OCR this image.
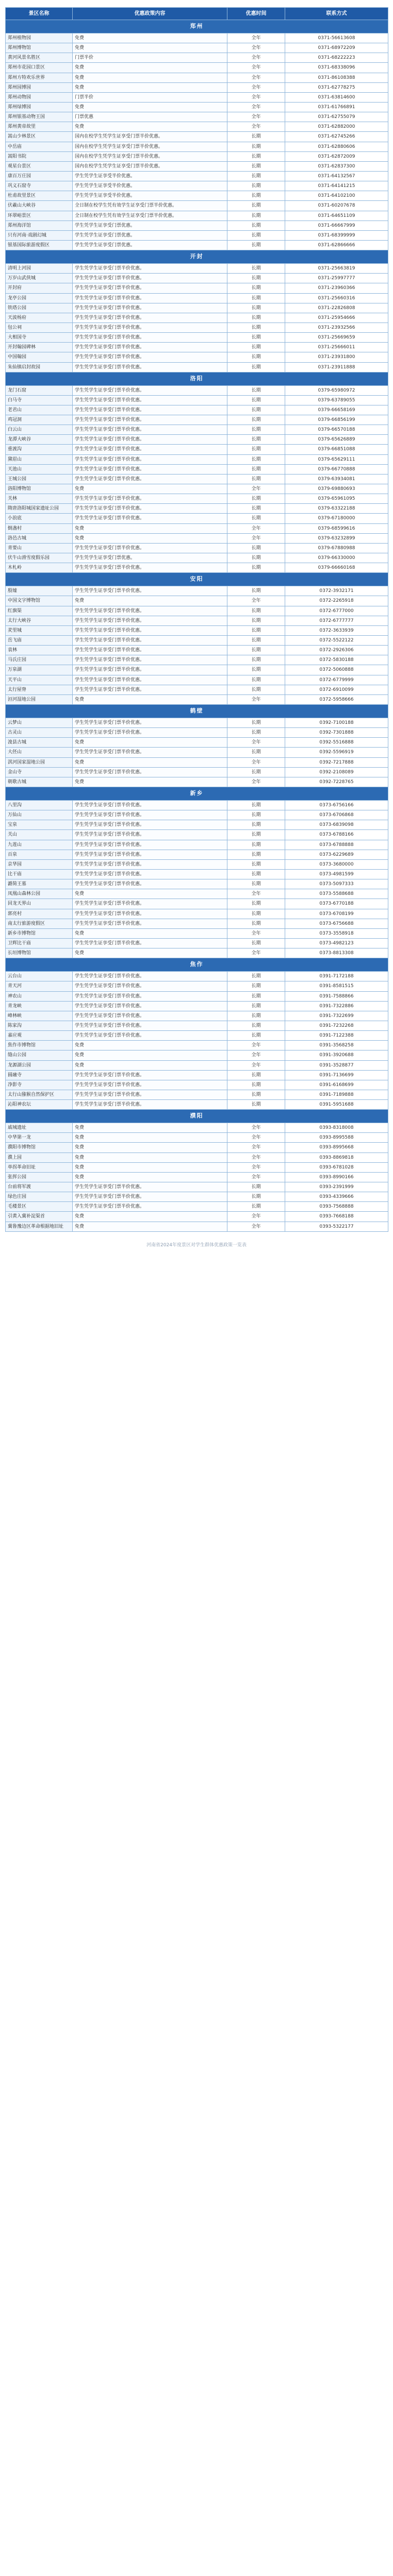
景区名称	优惠政策内容	优惠时间	联系方式
郑州			
郑州植物园	免费	全年	0371-56613608
郑州博物馆	免费	全年	0371-68972209
黄河风景名胜区	门票半价	全年	0371-68222223
郑州市花园口景区	免费	全年	0371-68338096
郑州方特欢乐世界	免费	全年	0371-86108388
郑州园博园	免费	全年	0371-62778275
郑州动物园	门票半价	全年	0371-63814600
郑州绿博园	免费	全年	0371-61766891
郑州银基动物王国	门票优惠	全年	0371-62755079
郑州黄帝故里	免费	全年	0371-62882000
嵩山少林景区	国内在校学生凭学生证享受门票半价优惠。	长期	0371-62745266
中岳庙	国内在校学生凭学生证享受门票半价优惠。	长期	0371-62880606
嵩阳书院	国内在校学生凭学生证享受门票半价优惠。	长期	0371-62872009
观星台景区	国内在校学生凭学生证享受门票半价优惠。	长期	0371-62837300
康百万庄园	学生凭学生证享受半价优惠。	长期	0371-64132567
巩义石窟寺	学生凭学生证享受半价优惠。	长期	0371-64141215
杜甫故里景区	学生凭学生证享受半价优惠。	长期	0371-64102100
伏羲山大峡谷	全日制在校学生凭有效学生证享受门票半价优惠。	长期	0371-60207678
环翠峪景区	全日制在校学生凭有效学生证享受门票半价优惠。	长期	0371-64651109
郑州海洋馆	学生凭学生证享受门票优惠。	长期	0371-66667999
只有河南·戏剧幻城	学生凭学生证享受门票优惠。	长期	0371-68399999
银基国际旅游度假区	学生凭学生证享受门票优惠。	长期	0371-62866666
开封			
清明上河园	学生凭学生证享受门票半价优惠。	长期	0371-25663819
万岁山武侠城	学生凭学生证享受门票半价优惠。	长期	0371-25997777
开封府	学生凭学生证享受门票半价优惠。	长期	0371-23960366
龙亭公园	学生凭学生证享受门票半价优惠。	长期	0371-25660316
铁塔公园	学生凭学生证享受门票半价优惠。	长期	0371-22826808
天波杨府	学生凭学生证享受门票半价优惠。	长期	0371-25954666
包公祠	学生凭学生证享受门票半价优惠。	长期	0371-23932566
大相国寺	学生凭学生证享受门票半价优惠。	长期	0371-25669659
开封翰园碑林	学生凭学生证享受门票半价优惠。	长期	0371-25666011
中国翰园	学生凭学生证享受门票半价优惠。	长期	0371-23931800
朱仙镇启封故园	学生凭学生证享受门票半价优惠。	长期	0371-23911888
洛阳			
龙门石窟	学生凭学生证享受门票半价优惠。	长期	0379-65980972
白马寺	学生凭学生证享受门票半价优惠。	长期	0379-63789055
老君山	学生凭学生证享受门票半价优惠。	长期	0379-66658169
鸡冠洞	学生凭学生证享受门票半价优惠。	长期	0379-66856199
白云山	学生凭学生证享受门票半价优惠。	长期	0379-66570188
龙潭大峡谷	学生凭学生证享受门票半价优惠。	长期	0379-65626889
重渡沟	学生凭学生证享受门票半价优惠。	长期	0379-66851088
黛眉山	学生凭学生证享受门票半价优惠。	长期	0379-65629111
天池山	学生凭学生证享受门票半价优惠。	长期	0379-66770888
王城公园	学生凭学生证享受门票半价优惠。	长期	0379-63934081
洛阳博物馆	免费	全年	0379-69880693
关林	学生凭学生证享受门票半价优惠。	长期	0379-65961095
隋唐洛阳城国家遗址公园	学生凭学生证享受门票半价优惠。	长期	0379-63322188
小浪底	学生凭学生证享受门票半价优惠。	长期	0379-67180000
倒盏村	免费	全年	0379-68599616
洛邑古城	免费	全年	0379-63232899
青要山	学生凭学生证享受门票半价优惠。	长期	0379-67880988
伏牛山滑雪度假乐园	学生凭学生证享受门票优惠。	长期	0379-66330000
木札岭	学生凭学生证享受门票半价优惠。	长期	0379-66660168
安阳			
殷墟	学生凭学生证享受门票半价优惠。	长期	0372-3932171
中国文字博物馆	免费	全年	0372-2265918
红旗渠	学生凭学生证享受门票半价优惠。	长期	0372-6777000
太行大峡谷	学生凭学生证享受门票半价优惠。	长期	0372-6777777
羑里城	学生凭学生证享受门票半价优惠。	长期	0372-3633939
岳飞庙	学生凭学生证享受门票半价优惠。	长期	0372-5522122
袁林	学生凭学生证享受门票半价优惠。	长期	0372-2926306
马氏庄园	学生凭学生证享受门票半价优惠。	长期	0372-5830188
万泉湖	学生凭学生证享受门票半价优惠。	长期	0372-5060888
天平山	学生凭学生证享受门票半价优惠。	长期	0372-6779999
太行屋脊	学生凭学生证享受门票半价优惠。	长期	0372-6910099
洹河湿地公园	免费	全年	0372-5958666
鹤壁			
云梦山	学生凭学生证享受门票半价优惠。	长期	0392-7100188
古灵山	学生凭学生证享受门票半价优惠。	长期	0392-7301888
浚县古城	免费	全年	0392-5516888
大伾山	学生凭学生证享受门票半价优惠。	长期	0392-5596919
淇河国家湿地公园	免费	全年	0392-7217888
金山寺	学生凭学生证享受门票半价优惠。	长期	0392-2108089
朝歌古城	免费	全年	0392-7228765
新乡			
八里沟	学生凭学生证享受门票半价优惠。	长期	0373-6756166
万仙山	学生凭学生证享受门票半价优惠。	长期	0373-6706868
宝泉	学生凭学生证享受门票半价优惠。	长期	0373-6839098
关山	学生凭学生证享受门票半价优惠。	长期	0373-6788166
九莲山	学生凭学生证享受门票半价优惠。	长期	0373-6788888
百泉	学生凭学生证享受门票半价优惠。	长期	0373-6229689
京华园	学生凭学生证享受门票半价优惠。	长期	0373-3680000
比干庙	学生凭学生证享受门票半价优惠。	长期	0373-4981599
潞简王墓	学生凭学生证享受门票半价优惠。	长期	0373-5097333
凤凰山森林公园	免费	全年	0373-5588688
回龙天界山	学生凭学生证享受门票半价优惠。	长期	0373-6770188
郭亮村	学生凭学生证享受门票半价优惠。	长期	0373-6708199
南太行旅游度假区	学生凭学生证享受门票半价优惠。	长期	0373-6756688
新乡市博物馆	免费	全年	0373-3558918
卫辉比干庙	学生凭学生证享受门票半价优惠。	长期	0373-4982123
长垣博物馆	免费	全年	0373-8813308
焦作			
云台山	学生凭学生证享受门票半价优惠。	长期	0391-7172188
青天河	学生凭学生证享受门票半价优惠。	长期	0391-8581515
神农山	学生凭学生证享受门票半价优惠。	长期	0391-7588866
青龙峡	学生凭学生证享受门票半价优惠。	长期	0391-7322886
峰林峡	学生凭学生证享受门票半价优惠。	长期	0391-7322699
陈家沟	学生凭学生证享受门票半价优惠。	长期	0391-7232268
嘉应观	学生凭学生证享受门票半价优惠。	长期	0391-7122388
焦作市博物馆	免费	全年	0391-3568258
缝山公园	免费	全年	0391-3920688
龙源湖公园	免费	全年	0391-3528877
圆融寺	学生凭学生证享受门票半价优惠。	长期	0391-7136699
净影寺	学生凭学生证享受门票半价优惠。	长期	0391-6168699
太行山猕猴自然保护区	学生凭学生证享受门票半价优惠。	长期	0391-7189888
沁阳神农坛	学生凭学生证享受门票半价优惠。	长期	0391-5951688
濮阳			
戚城遗址	免费	全年	0393-8318008
中华第一龙	免费	全年	0393-8995588
濮阳市博物馆	免费	全年	0393-8995668
濮上园	免费	全年	0393-8869818
单拐革命旧址	免费	全年	0393-6781028
张挥公园	免费	全年	0393-8990166
台前将军渡	学生凭学生证享受门票半价优惠。	长期	0393-2391999
绿色庄园	学生凭学生证享受门票半价优惠。	长期	0393-4339666
毛楼景区	学生凭学生证享受门票半价优惠。	长期	0393-7568888
引黄入冀补淀渠首	免费	全年	0393-7668188
冀鲁豫边区革命根据地旧址	免费	全年	0393-5322177
河南省2024年度景区对学生群体优惠政策一览表
